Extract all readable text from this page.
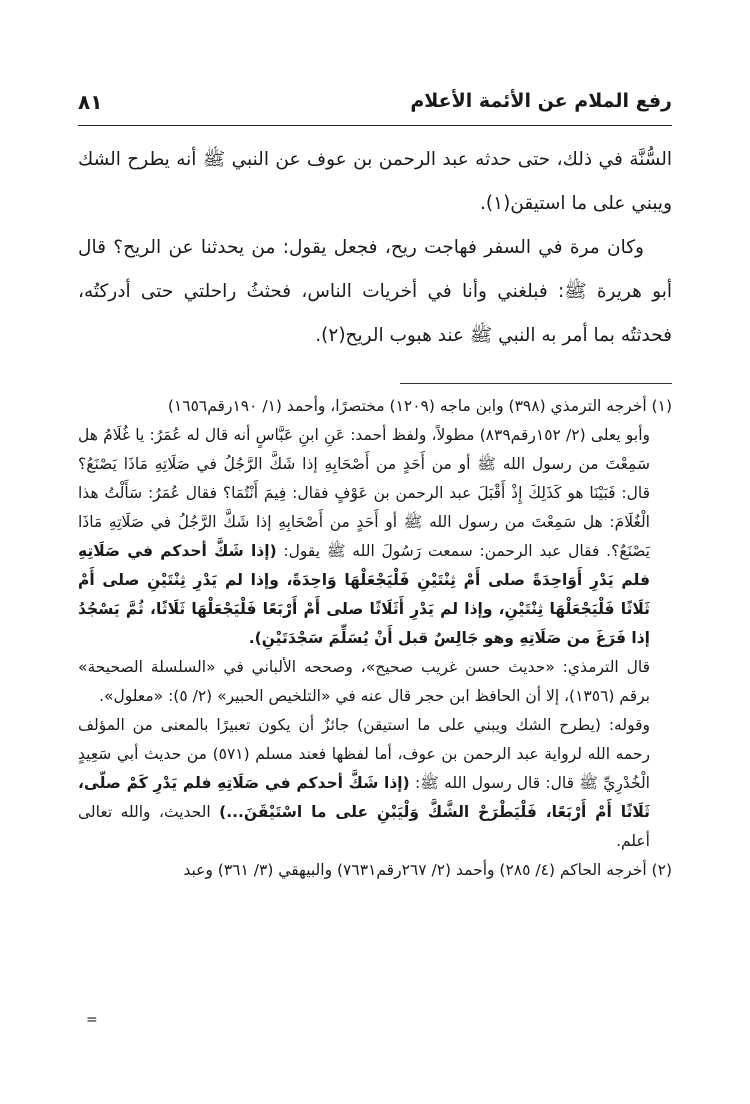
رفع الملام عن الأئمة الأعلام
٨١

السُّنَّة في ذلك، حتى حدثه عبد الرحمن بن عوف عن النبي ﷺ أنه يطرح الشك ويبني على ما استيقن(١).

وكان مرة في السفر فهاجت ريح، فجعل يقول: من يحدثنا عن الريح؟ قال أبو هريرة ﷺ: فبلغني وأنا في أخريات الناس، فحثثُ راحلتي حتى أدركتُه، فحدثتُه بما أمر به النبي ﷺ عند هبوب الريح(٢).

(١) أخرجه الترمذي (٣٩٨) وابن ماجه (١٢٠٩) مختصرًا، وأحمد (١/ ١٩٠رقم١٦٥٦)

وأبو يعلى (٢/ ١٥٢رقم٨٣٩) مطولاً، ولفظ أحمد: عَنِ ابنِ عَبَّاسٍ أنه قال له عُمَرُ: يا غُلَامُ هل سَمِعْتَ من رسول الله ﷺ أو من أَحَدٍ من أَصْحَابِهِ إذا شَكَّ الرَّجُلُ في صَلَاتِهِ مَاذَا يَصْنَعُ؟ قال: فَبَيْنَا هو كَذَلِكَ إِذْ أَقْبَلَ عبد الرحمن بن عَوْفٍ فقال: فِيمَ أَنْتُمَا؟ فقال عُمَرُ: سَأَلْتُ هذا الْغُلَامَ: هل سَمِعْتَ من رسول الله ﷺ أو أَحَدٍ من أَصْحَابِهِ إذا شَكَّ الرَّجُلُ في صَلَاتِهِ مَاذَا يَصْنَعُ؟. فقال عبد الرحمن: سمعت رَسُولَ الله ﷺ يقول: (إذا شَكَّ أحدكم في صَلَاتِهِ فلم يَدْرِ أَوَاحِدَةً صلى أَمْ ثِنْتَيْنِ فَلْيَجْعَلْهَا وَاحِدَةً، وإذا لم يَدْرِ ثِنْتَيْنِ صلى أَمْ ثَلَاثًا فَلْيَجْعَلْهَا ثِنْتَيْنِ، وإذا لم يَدْرِ أَثَلَاثًا صلى أَمْ أَرْبَعًا فَلْيَجْعَلْهَا ثَلَاثًا، ثُمَّ يَسْجُدُ إذا فَرَغَ من صَلَاتِهِ وهو جَالِسٌ قبل أَنْ يُسَلِّمَ سَجْدَتَيْنِ).

قال الترمذي: «حديث حسن غريب صحيح»، وصححه الألباني في «السلسلة الصحيحة» برقم (١٣٥٦)، إلا أن الحافظ ابن حجر قال عنه في «التلخيص الحبير» (٢/ ٥): «معلول».

وقوله: (يطرح الشك ويبني على ما استيقن) جائزٌ أن يكون تعبيرًا بالمعنى من المؤلف رحمه الله لرواية عبد الرحمن بن عوف، أما لفظها فعند مسلم (٥٧١) من حديث أبي سَعِيدٍ الْخُدْرِيِّ ﷺ قال: قال رسول الله ﷺ: (إذا شَكَّ أحدكم في صَلَاتِهِ فلم يَدْرِ كَمْ صلّى، ثَلَاثًا أَمْ أَرْبَعًا، فَلْيَطْرَحْ الشَّكَّ وَلْيَبْنِ على ما اسْتَيْقَنَ...) الحديث، والله تعالى أعلم.

(٢) أخرجه الحاكم (٤/ ٢٨٥) وأحمد (٢/ ٢٦٧رقم٧٦٣١) والبيهقي (٣/ ٣٦١) وعبد

=
